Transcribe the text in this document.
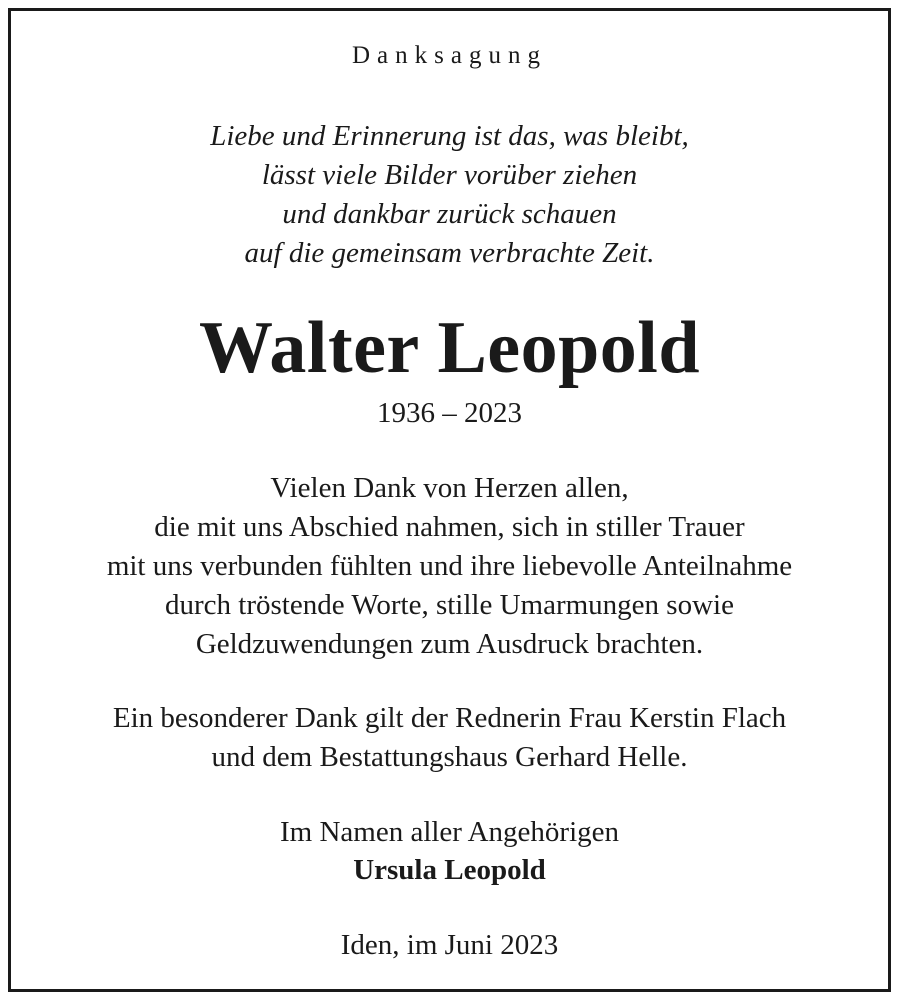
Danksagung
Liebe und Erinnerung ist das, was bleibt,
lässt viele Bilder vorüber ziehen
und dankbar zurück schauen
auf die gemeinsam verbrachte Zeit.
Walter Leopold
1936 – 2023
Vielen Dank von Herzen allen,
die mit uns Abschied nahmen, sich in stiller Trauer
mit uns verbunden fühlten und ihre liebevolle Anteilnahme
durch tröstende Worte, stille Umarmungen sowie
Geldzuwendungen zum Ausdruck brachten.
Ein besonderer Dank gilt der Rednerin Frau Kerstin Flach
und dem Bestattungshaus Gerhard Helle.
Im Namen aller Angehörigen
Ursula Leopold
Iden, im Juni 2023
